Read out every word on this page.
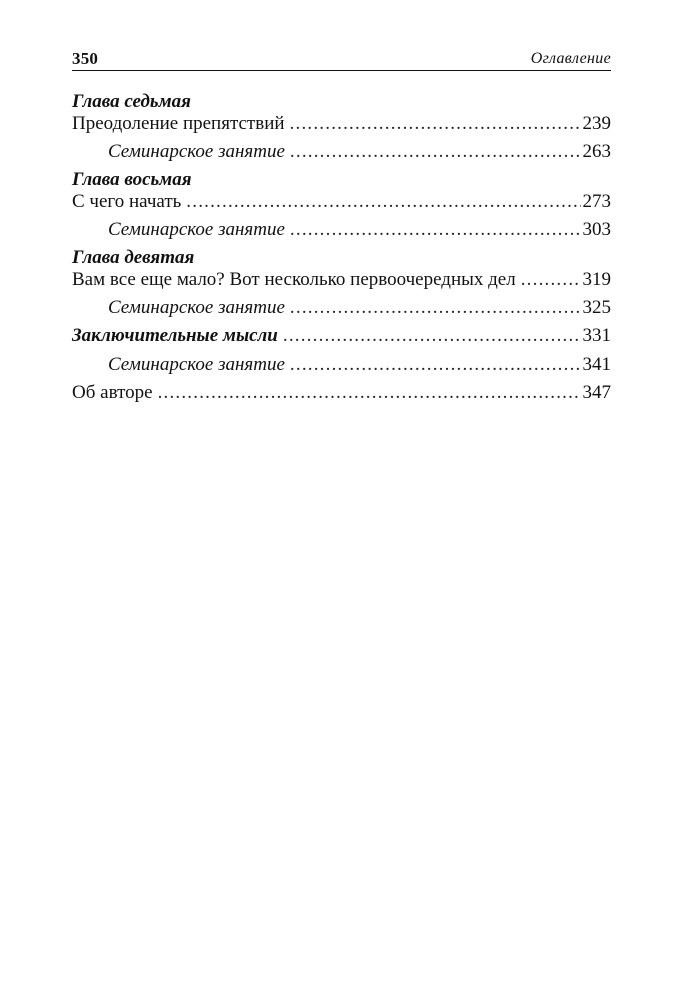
350	Оглавление
Глава седьмая
Преодоление препятствий .....	239
Семинарское занятие .....	263
Глава восьмая
С чего начать .....	273
Семинарское занятие .....	303
Глава девятая
Вам все еще мало? Вот несколько первоочередных дел .....	319
Семинарское занятие .....	325
Заключительные мысли .....	331
Семинарское занятие .....	341
Об авторе .....	347
